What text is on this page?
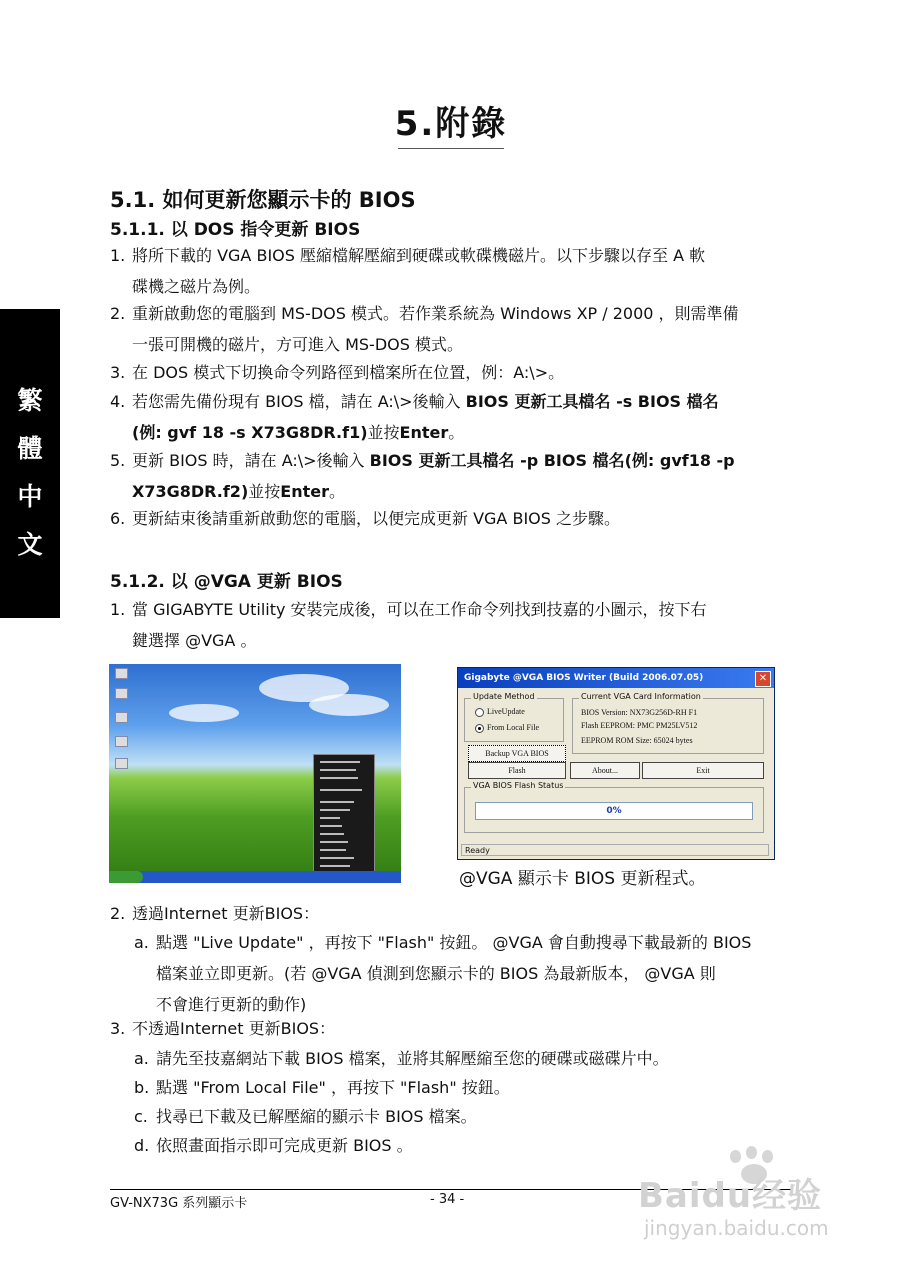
5.附錄
繁
體
中
文
5.1. 如何更新您顯示卡的 BIOS
5.1.1. 以 DOS 指令更新 BIOS
1. 將所下載的 VGA BIOS 壓縮檔解壓縮到硬碟或軟碟機磁片。以下步驟以存至 A 軟
碟機之磁片為例。
2. 重新啟動您的電腦到 MS-DOS 模式。若作業系統為 Windows XP / 2000 ，則需準備
一張可開機的磁片，方可進入 MS-DOS 模式。
3. 在 DOS 模式下切換命令列路徑到檔案所在位置，例：A:\>。
4. 若您需先備份現有 BIOS 檔，請在 A:\>後輸入 BIOS 更新工具檔名 -s BIOS 檔名
(例: gvf 18 -s X73G8DR.f1)並按Enter。
5. 更新 BIOS 時，請在 A:\>後輸入 BIOS 更新工具檔名 -p BIOS 檔名(例: gvf18 -p
X73G8DR.f2)並按Enter。
6. 更新結束後請重新啟動您的電腦，以便完成更新 VGA BIOS 之步驟。
5.1.2. 以 @VGA 更新 BIOS
1. 當 GIGABYTE Utility 安裝完成後，可以在工作命令列找到技嘉的小圖示，按下右
鍵選擇 @VGA 。
Gigabyte @VGA BIOS Writer (Build 2006.07.05)	✕
Update Method
LiveUpdate
From Local File
Current VGA Card Information
BIOS Version: NX73G256D-RH F1
Flash EEPROM: PMC PM25LV512
EEPROM ROM Size: 65024 bytes
Backup VGA BIOS
Flash	About...	Exit
VGA BIOS Flash Status
0%
Ready
@VGA 顯示卡 BIOS 更新程式。
2. 透過Internet 更新BIOS：
a. 點選 "Live Update" ，再按下 "Flash" 按鈕。 @VGA 會自動搜尋下載最新的 BIOS
檔案並立即更新。(若 @VGA 偵測到您顯示卡的 BIOS 為最新版本， @VGA 則
不會進行更新的動作)
3. 不透過Internet 更新BIOS：
a. 請先至技嘉網站下載 BIOS 檔案，並將其解壓縮至您的硬碟或磁碟片中。
b. 點選 "From Local File" ，再按下 "Flash" 按鈕。
c. 找尋已下載及已解壓縮的顯示卡 BIOS 檔案。
d. 依照畫面指示即可完成更新 BIOS 。
GV-NX73G 系列顯示卡	- 34 -	Baidu经验
jingyan.baidu.com
